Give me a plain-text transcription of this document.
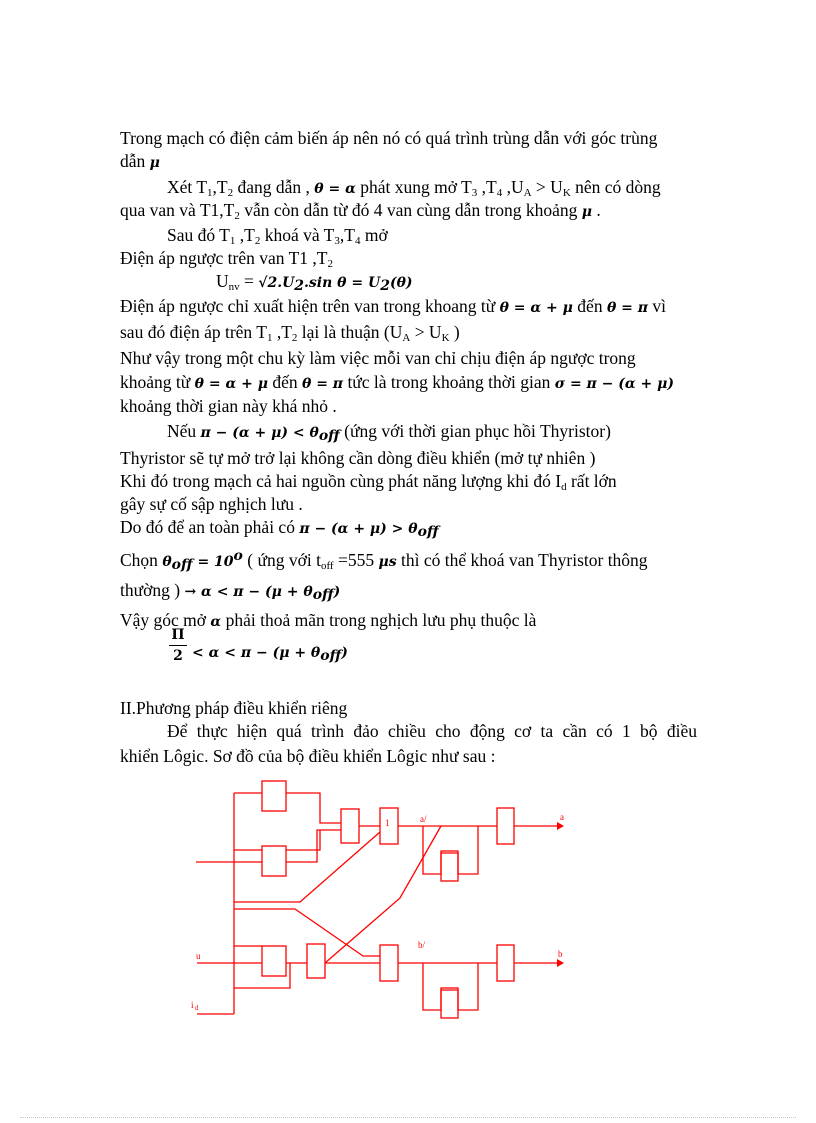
Trong mạch có điện cảm biến áp nên nó có quá trình trùng dẫn với góc trùng
dẫn μ
Xét $T_1,T_2$ đang dẫn , θ = α phát xung mở $T_3$ $,T_4$ $,U_A > U_K$ nên có dòng
qua van và $T1,T_2$ vẫn còn dẫn từ đó 4 van cùng dẫn trong khoảng μ .
Sau đó $T_1$ $,T_2$ khoá và $T_3,T_4$ mở
Điện áp ngược trên van T1 $,T_2$
$U_{nv} = √2.U_2.\sin$ $\theta = U_2(\theta)$
Điện áp ngược chỉ xuất hiện trên van trong khoang từ θ = α + μ đến θ = π vì
sau đó điện áp trên $T_1$ $,T_2$ lại là thuận ($U_A > U_K$ )
Như vậy trong một chu kỳ làm việc mỗi van chỉ chịu điện áp ngược trong
khoảng từ θ = α + μ đến θ = π tức là trong khoảng thời gian σ = π − (α + μ)
khoảng thời gian này khá nhỏ .
Nếu $\pi - (\alpha + \mu) < \theta_{off}$ (ứng với thời gian phục hồi Thyristor)
Thyristor sẽ tự mở trở lại không cần dòng điều khiển (mở tự nhiên )
Khi đó trong mạch cả hai nguồn cùng phát năng lượng khi đó $I_d$ rất lớn
gây sự cố sập nghịch lưu .
Do đó để an toàn phải có $\pi - (\alpha + \mu) > \theta_{off}$
Chọn $\theta_{off} = 10^o$ ( ứng với $t_{off} =555$ μs thì có thể khoá van Thyristor thông
thường ) → $\alpha < \pi - (\mu + \theta_{off})$
Vậy góc mở α phải thoả mãn trong nghịch lưu phụ thuộc là
Π
$2 < \alpha < \pi - (\mu + \theta_{off})$
II.Phương pháp điều khiển riêng
Để thực hiện quá trình đảo chiều cho động cơ ta cần có 1 bộ điều
khiển Lôgic. Sơ đồ của bộ điều khiển Lôgic như sau :
1	a/	a
b/
b
u
i d
